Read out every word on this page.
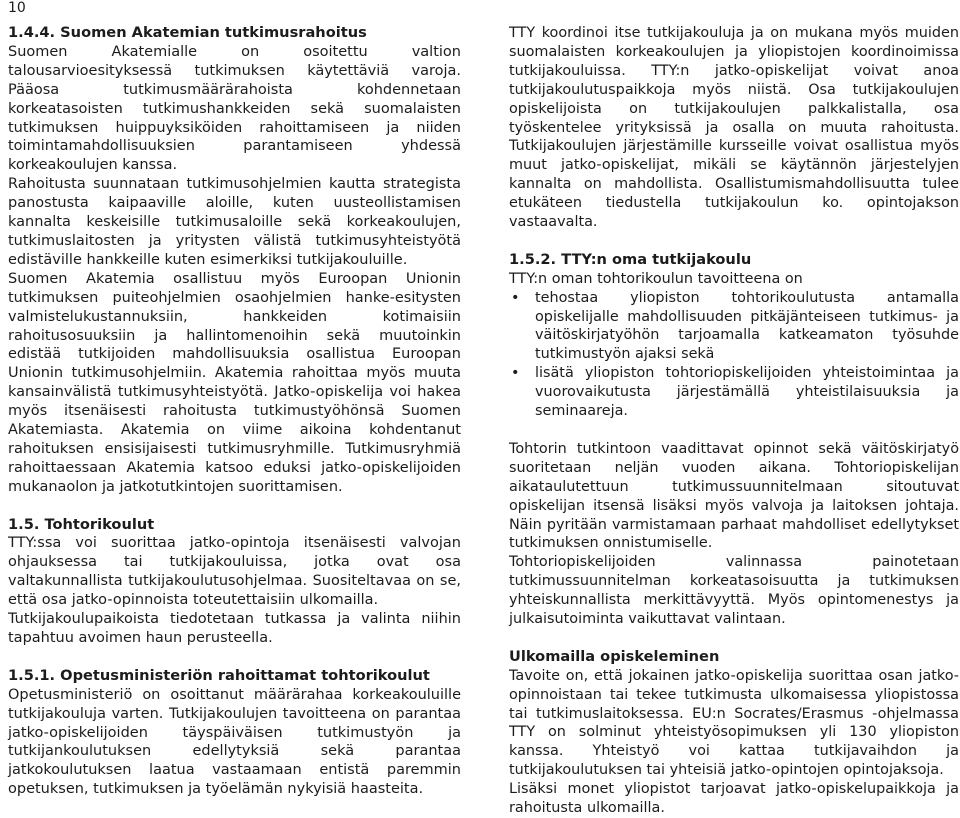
10
1.4.4. Suomen Akatemian tutkimusrahoitus

Suomen Akatemialle on osoitettu valtion talousarvioesityksessä tutkimuksen käytettäviä varoja. Pääosa tutkimusmäärärahoista kohdennetaan korkeatasoisten tutkimushankkeiden sekä suomalaisten tutkimuksen huippuyksiköiden rahoittamiseen ja niiden toimintamahdollisuuksien parantamiseen yhdessä korkeakoulujen kanssa.

Rahoitusta suunnataan tutkimusohjelmien kautta strategista panostusta kaipaaville aloille, kuten uusteollistamisen kannalta keskeisille tutkimusaloille sekä korkeakoulujen, tutkimuslaitosten ja yritysten välistä tutkimusyhteistyötä edistäville hankkeille kuten esimerkiksi tutkijakouluille.

Suomen Akatemia osallistuu myös Euroopan Unionin tutkimuksen puiteohjelmien osaohjelmien hanke-esitysten valmistelukustannuksiin, hankkeiden kotimaisiin rahoitusosuuksiin ja hallintomenoihin sekä muutoinkin edistää tutkijoiden mahdollisuuksia osallistua Euroopan Unionin tutkimusohjelmiin. Akatemia rahoittaa myös muuta kansainvälistä tutkimusyhteistyötä. Jatko-opiskelija voi hakea myös itsenäisesti rahoitusta tutkimustyöhönsä Suomen Akatemiasta. Akatemia on viime aikoina kohdentanut rahoituksen ensisijaisesti tutkimusryhmille. Tutkimusryhmiä rahoittaessaan Akatemia katsoo eduksi jatko-opiskelijoiden mukanaolon ja jatkotutkintojen suorittamisen.

1.5. Tohtorikoulut

TTY:ssa voi suorittaa jatko-opintoja itsenäisesti valvojan ohjauksessa tai tutkijakouluissa, jotka ovat osa valtakunnallista tutkijakoulutusohjelmaa. Suositeltavaa on se, että osa jatko-opinnoista toteutettaisiin ulkomailla.

Tutkijakoulupaikoista tiedotetaan tutkassa ja valinta niihin tapahtuu avoimen haun perusteella.

1.5.1. Opetusministeriön rahoittamat tohtorikoulut

Opetusministeriö on osoittanut määrärahaa korkeakouluille tutkijakouluja varten. Tutkijakoulujen tavoitteena on parantaa jatko-opiskelijoiden täyspäiväisen tutkimustyön ja tutkijankoulutuksen edellytyksiä sekä parantaa jatkokoulutuksen laatua vastaamaan entistä paremmin opetuksen, tutkimuksen ja työelämän nykyisiä haasteita.

TTY koordinoi itse tutkijakouluja ja on mukana myös muiden suomalaisten korkeakoulujen ja yliopistojen koordinoimissa tutkijakouluissa. TTY:n jatko-opiskelijat voivat anoa tutkijakoulutuspaikkoja myös niistä. Osa tutkijakoulujen opiskelijoista on tutkijakoulujen palkkalistalla, osa työskentelee yrityksissä ja osalla on muuta rahoitusta. Tutkijakoulujen järjestämille kursseille voivat osallistua myös muut jatko-opiskelijat, mikäli se käytännön järjestelyjen kannalta on mahdollista. Osallistumismahdollisuutta tulee etukäteen tiedustella tutkijakoulun ko. opintojakson vastaavalta.

1.5.2. TTY:n oma tutkijakoulu

TTY:n oman tohtorikoulun tavoitteena on

• tehostaa yliopiston tohtorikoulutusta antamalla opiskelijalle mahdollisuuden pitkäjänteiseen tutkimus- ja väitöskirjatyöhön tarjoamalla katkeamaton työsuhde tutkimustyön ajaksi sekä
• lisätä yliopiston tohtoriopiskelijoiden yhteistoimintaa ja vuorovaikutusta järjestämällä yhteistilaisuuksia ja seminaareja.

Tohtorin tutkintoon vaadittavat opinnot sekä väitöskirjatyö suoritetaan neljän vuoden aikana. Tohtoriopiskelijan aikataulutettuun tutkimussuunnitelmaan sitoutuvat opiskelijan itsensä lisäksi myös valvoja ja laitoksen johtaja. Näin pyritään varmistamaan parhaat mahdolliset edellytykset tutkimuksen onnistumiselle.

Tohtoriopiskelijoiden valinnassa painotetaan tutkimussuunnitelman korkeatasoisuutta ja tutkimuksen yhteiskunnallista merkittävyyttä. Myös opintomenestys ja julkaisutoiminta vaikuttavat valintaan.

Ulkomailla opiskeleminen

Tavoite on, että jokainen jatko-opiskelija suorittaa osan jatko-opinnoistaan tai tekee tutkimusta ulkomaisessa yliopistossa tai tutkimuslaitoksessa. EU:n Socrates/Erasmus -ohjelmassa TTY on solminut yhteistyösopimuksen yli 130 yliopiston kanssa. Yhteistyö voi kattaa tutkijavaihdon ja tutkijakoulutuksen tai yhteisiä jatko-opintojen opintojaksoja.

Lisäksi monet yliopistot tarjoavat jatko-opiskelupaikkoja ja rahoitusta ulkomailla.
